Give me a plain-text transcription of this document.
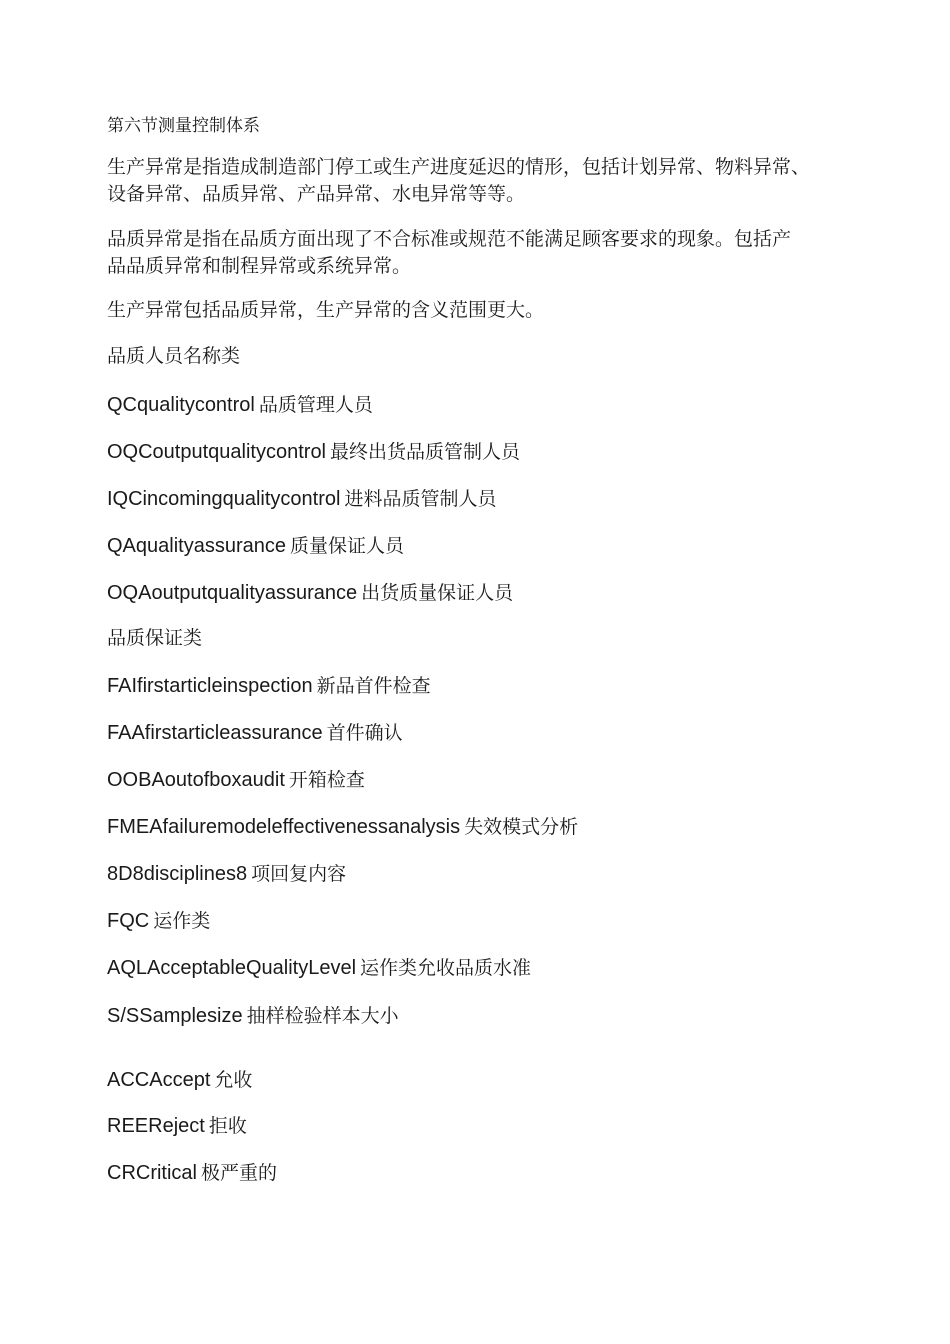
第六节测量控制体系
生产异常是指造成制造部门停工或生产进度延迟的情形，包括计划异常、物料异常、
设备异常、品质异常、产品异常、水电异常等等。
品质异常是指在品质方面出现了不合标准或规范不能满足顾客要求的现象。包括产
品品质异常和制程异常或系统异常。
生产异常包括品质异常，生产异常的含义范围更大。
品质人员名称类
QCqualitycontrol 品质管理人员
OQCoutputqualitycontrol 最终出货品质管制人员
IQCincomingqualitycontrol 进料品质管制人员
QAqualityassurance 质量保证人员
OQAoutputqualityassurance 出货质量保证人员
品质保证类
FAIfirstarticleinspection 新品首件检查
FAAfirstarticleassurance 首件确认
OOBAoutofboxaudit 开箱检查
FMEAfailuremodeleffectivenessanalysis 失效模式分析
8D8disciplines8 项回复内容
FQC 运作类
AQLAcceptableQualityLevel 运作类允收品质水准
S/SSamplesize 抽样检验样本大小
ACCAccept 允收
REEReject 拒收
CRCritical 极严重的
